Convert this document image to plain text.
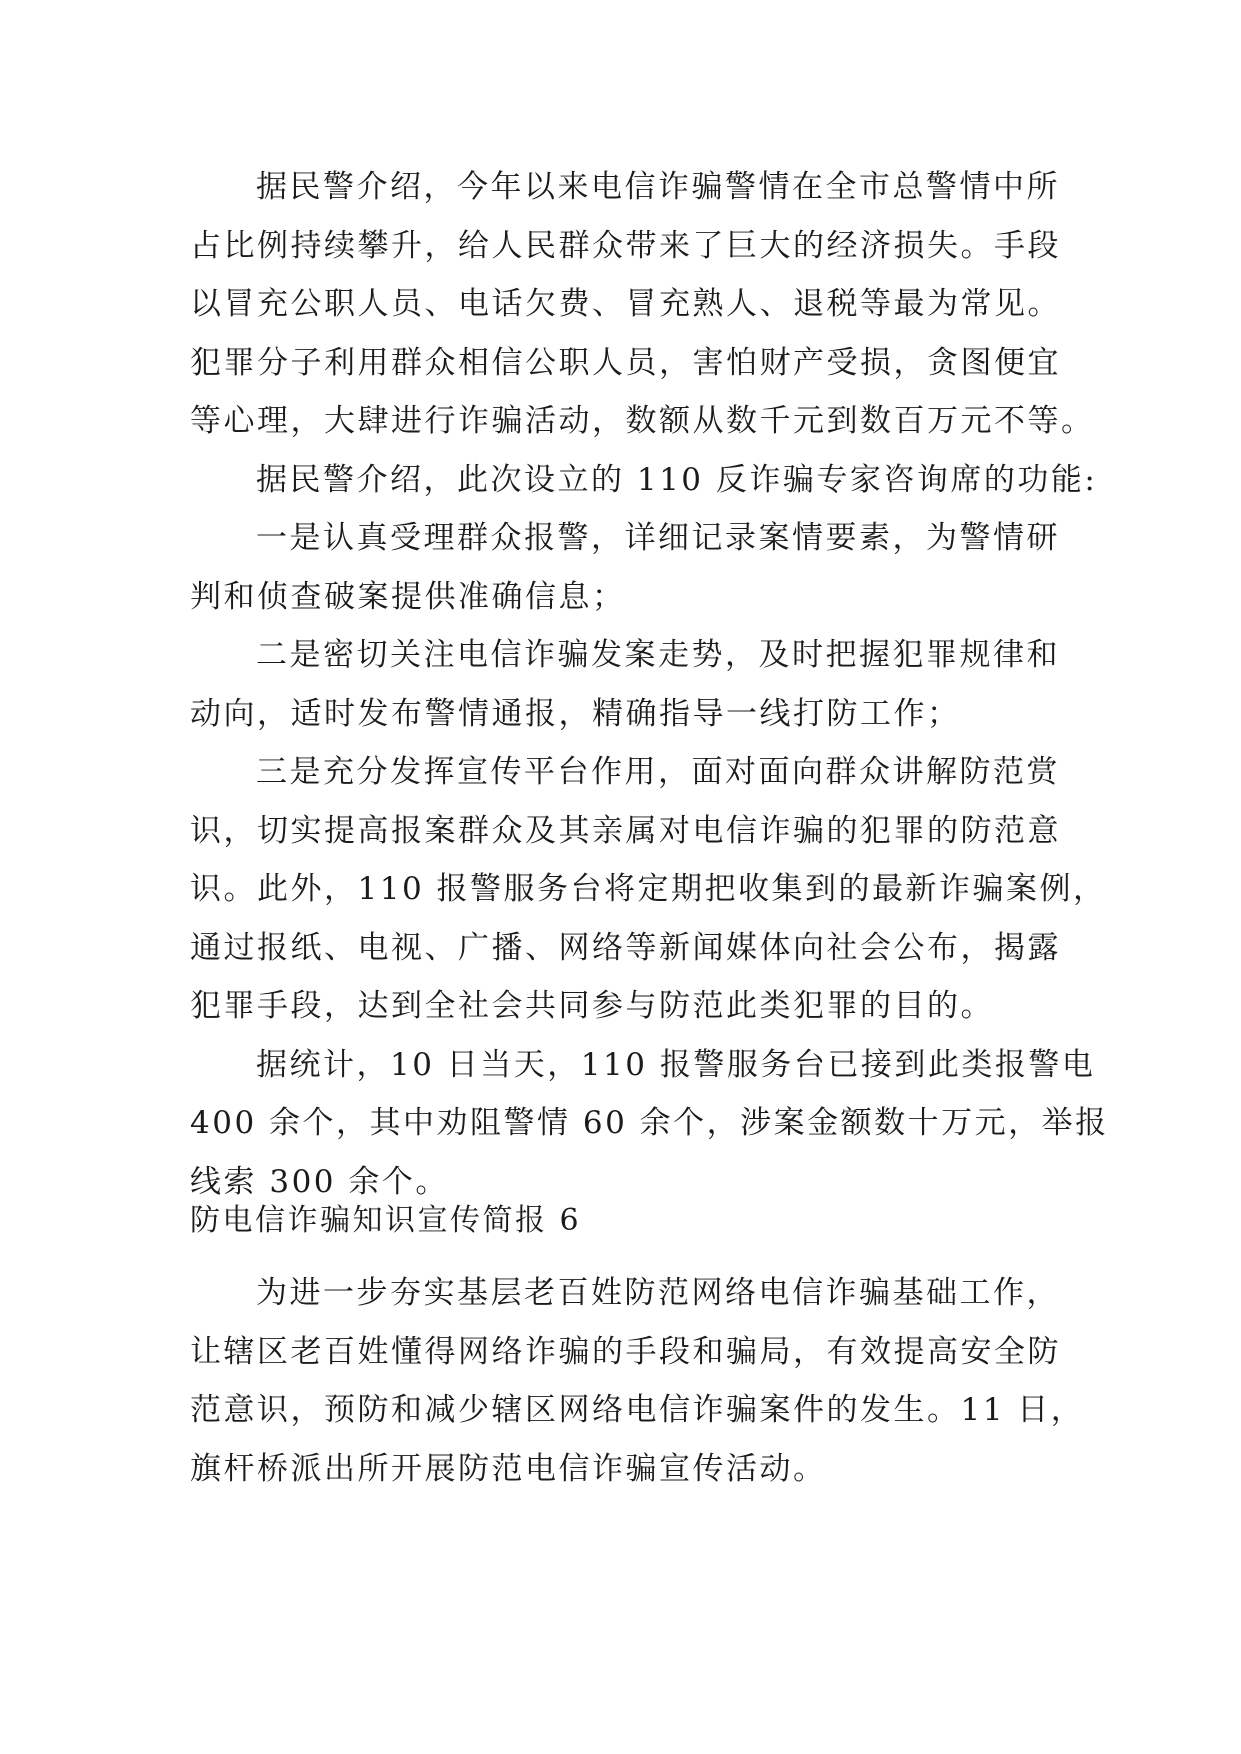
据民警介绍，今年以来电信诈骗警情在全市总警情中所
占比例持续攀升，给人民群众带来了巨大的经济损失。手段
以冒充公职人员、电话欠费、冒充熟人、退税等最为常见。
犯罪分子利用群众相信公职人员，害怕财产受损，贪图便宜
等心理，大肆进行诈骗活动，数额从数千元到数百万元不等。
据民警介绍，此次设立的 110 反诈骗专家咨询席的功能:
一是认真受理群众报警，详细记录案情要素，为警情研
判和侦查破案提供准确信息；
二是密切关注电信诈骗发案走势，及时把握犯罪规律和
动向，适时发布警情通报，精确指导一线打防工作；
三是充分发挥宣传平台作用，面对面向群众讲解防范赏
识，切实提高报案群众及其亲属对电信诈骗的犯罪的防范意
识。此外，110 报警服务台将定期把收集到的最新诈骗案例，
通过报纸、电视、广播、网络等新闻媒体向社会公布，揭露
犯罪手段，达到全社会共同参与防范此类犯罪的目的。
据统计，10 日当天，110 报警服务台已接到此类报警电
400 余个，其中劝阻警情 60 余个，涉案金额数十万元，举报
线索 300 余个。
防电信诈骗知识宣传简报 6
为进一步夯实基层老百姓防范网络电信诈骗基础工作，
让辖区老百姓懂得网络诈骗的手段和骗局，有效提高安全防
范意识，预防和减少辖区网络电信诈骗案件的发生。11 日，
旗杆桥派出所开展防范电信诈骗宣传活动。
